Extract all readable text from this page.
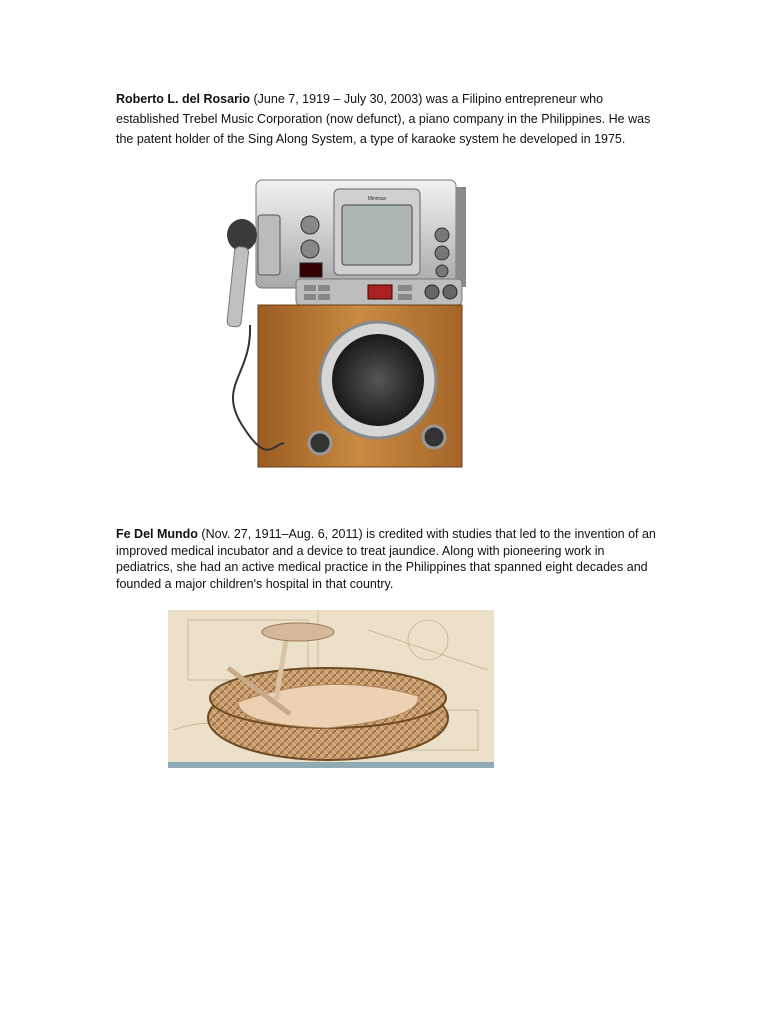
Roberto L. del Rosario (June 7, 1919 – July 30, 2003) was a Filipino entrepreneur who established Trebel Music Corporation (now defunct), a piano company in the Philippines. He was the patent holder of the Sing Along System, a type of karaoke system he developed in 1975.

Minimax

Fe Del Mundo (Nov. 27, 1911–Aug. 6, 2011) is credited with studies that led to the invention of an improved medical incubator and a device to treat jaundice. Along with pioneering work in pediatrics, she had an active medical practice in the Philippines that spanned eight decades and founded a major children's hospital in that country.
